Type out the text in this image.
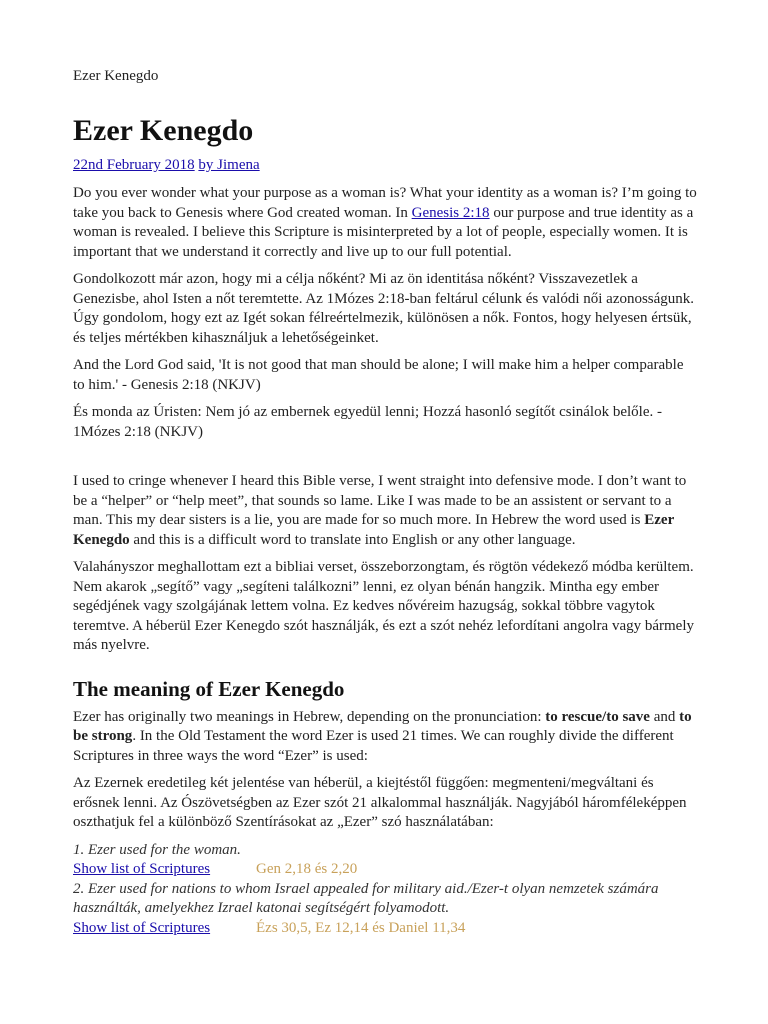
Ezer Kenegdo
Ezer Kenegdo
22nd February 2018 by Jimena

Do you ever wonder what your purpose as a woman is? What your identity as a woman is? I’m going to take you back to Genesis where God created woman. In Genesis 2:18 our purpose and true identity as a woman is revealed. I believe this Scripture is misinterpreted by a lot of people, especially women. It is important that we understand it correctly and live up to our full potential.

Gondolkozott már azon, hogy mi a célja nőként? Mi az ön identitása nőként? Visszavezetlek a Genezisbe, ahol Isten a nőt teremtette. Az 1Mózes 2:18-ban feltárul célunk és valódi női azonosságunk. Úgy gondolom, hogy ezt az Igét sokan félreértelmezik, különösen a nők. Fontos, hogy helyesen értsük, és teljes mértékben kihasználjuk a lehetőségeinket.

And the Lord God said, 'It is not good that man should be alone; I will make him a helper comparable to him.' - Genesis 2:18 (NKJV)

És monda az Úristen: Nem jó az embernek egyedül lenni; Hozzá hasonló segítőt csinálok belőle. - 1Mózes 2:18 (NKJV)

I used to cringe whenever I heard this Bible verse, I went straight into defensive mode. I don’t want to be a “helper” or “help meet”, that sounds so lame. Like I was made to be an assistent or servant to a man. This my dear sisters is a lie, you are made for so much more. In Hebrew the word used is Ezer Kenegdo and this is a difficult word to translate into English or any other language.

Valahányszor meghallottam ezt a bibliai verset, összeborzongtam, és rögtön védekező módba kerültem. Nem akarok „segítő” vagy „segíteni találkozni” lenni, ez olyan bénán hangzik. Mintha egy ember segédjének vagy szolgájának lettem volna. Ez kedves nővéreim hazugság, sokkal többre vagytok teremtve. A héberül Ezer Kenegdo szót használják, és ezt a szót nehéz lefordítani angolra vagy bármely más nyelvre.

The meaning of Ezer Kenegdo

Ezer has originally two meanings in Hebrew, depending on the pronunciation: to rescue/to save and to be strong. In the Old Testament the word Ezer is used 21 times. We can roughly divide the different Scriptures in three ways the word “Ezer” is used:

Az Ezernek eredetileg két jelentése van héberül, a kiejtéstől függően: megmenteni/megváltani és erősnek lenni. Az Ószövetségben az Ezer szót 21 alkalommal használják. Nagyjából háromféleképpen oszthatjuk fel a különböző Szentírásokat az „Ezer” szó használatában:

1. Ezer used for the woman.
Show list of Scriptures	Gen 2,18 és 2,20
2. Ezer used for nations to whom Israel appealed for military aid./Ezer-t olyan nemzetek számára használták, amelyekhez Izrael katonai segítségért folyamodott.
Show list of Scriptures	Ézs 30,5, Ez 12,14 és Daniel 11,34
